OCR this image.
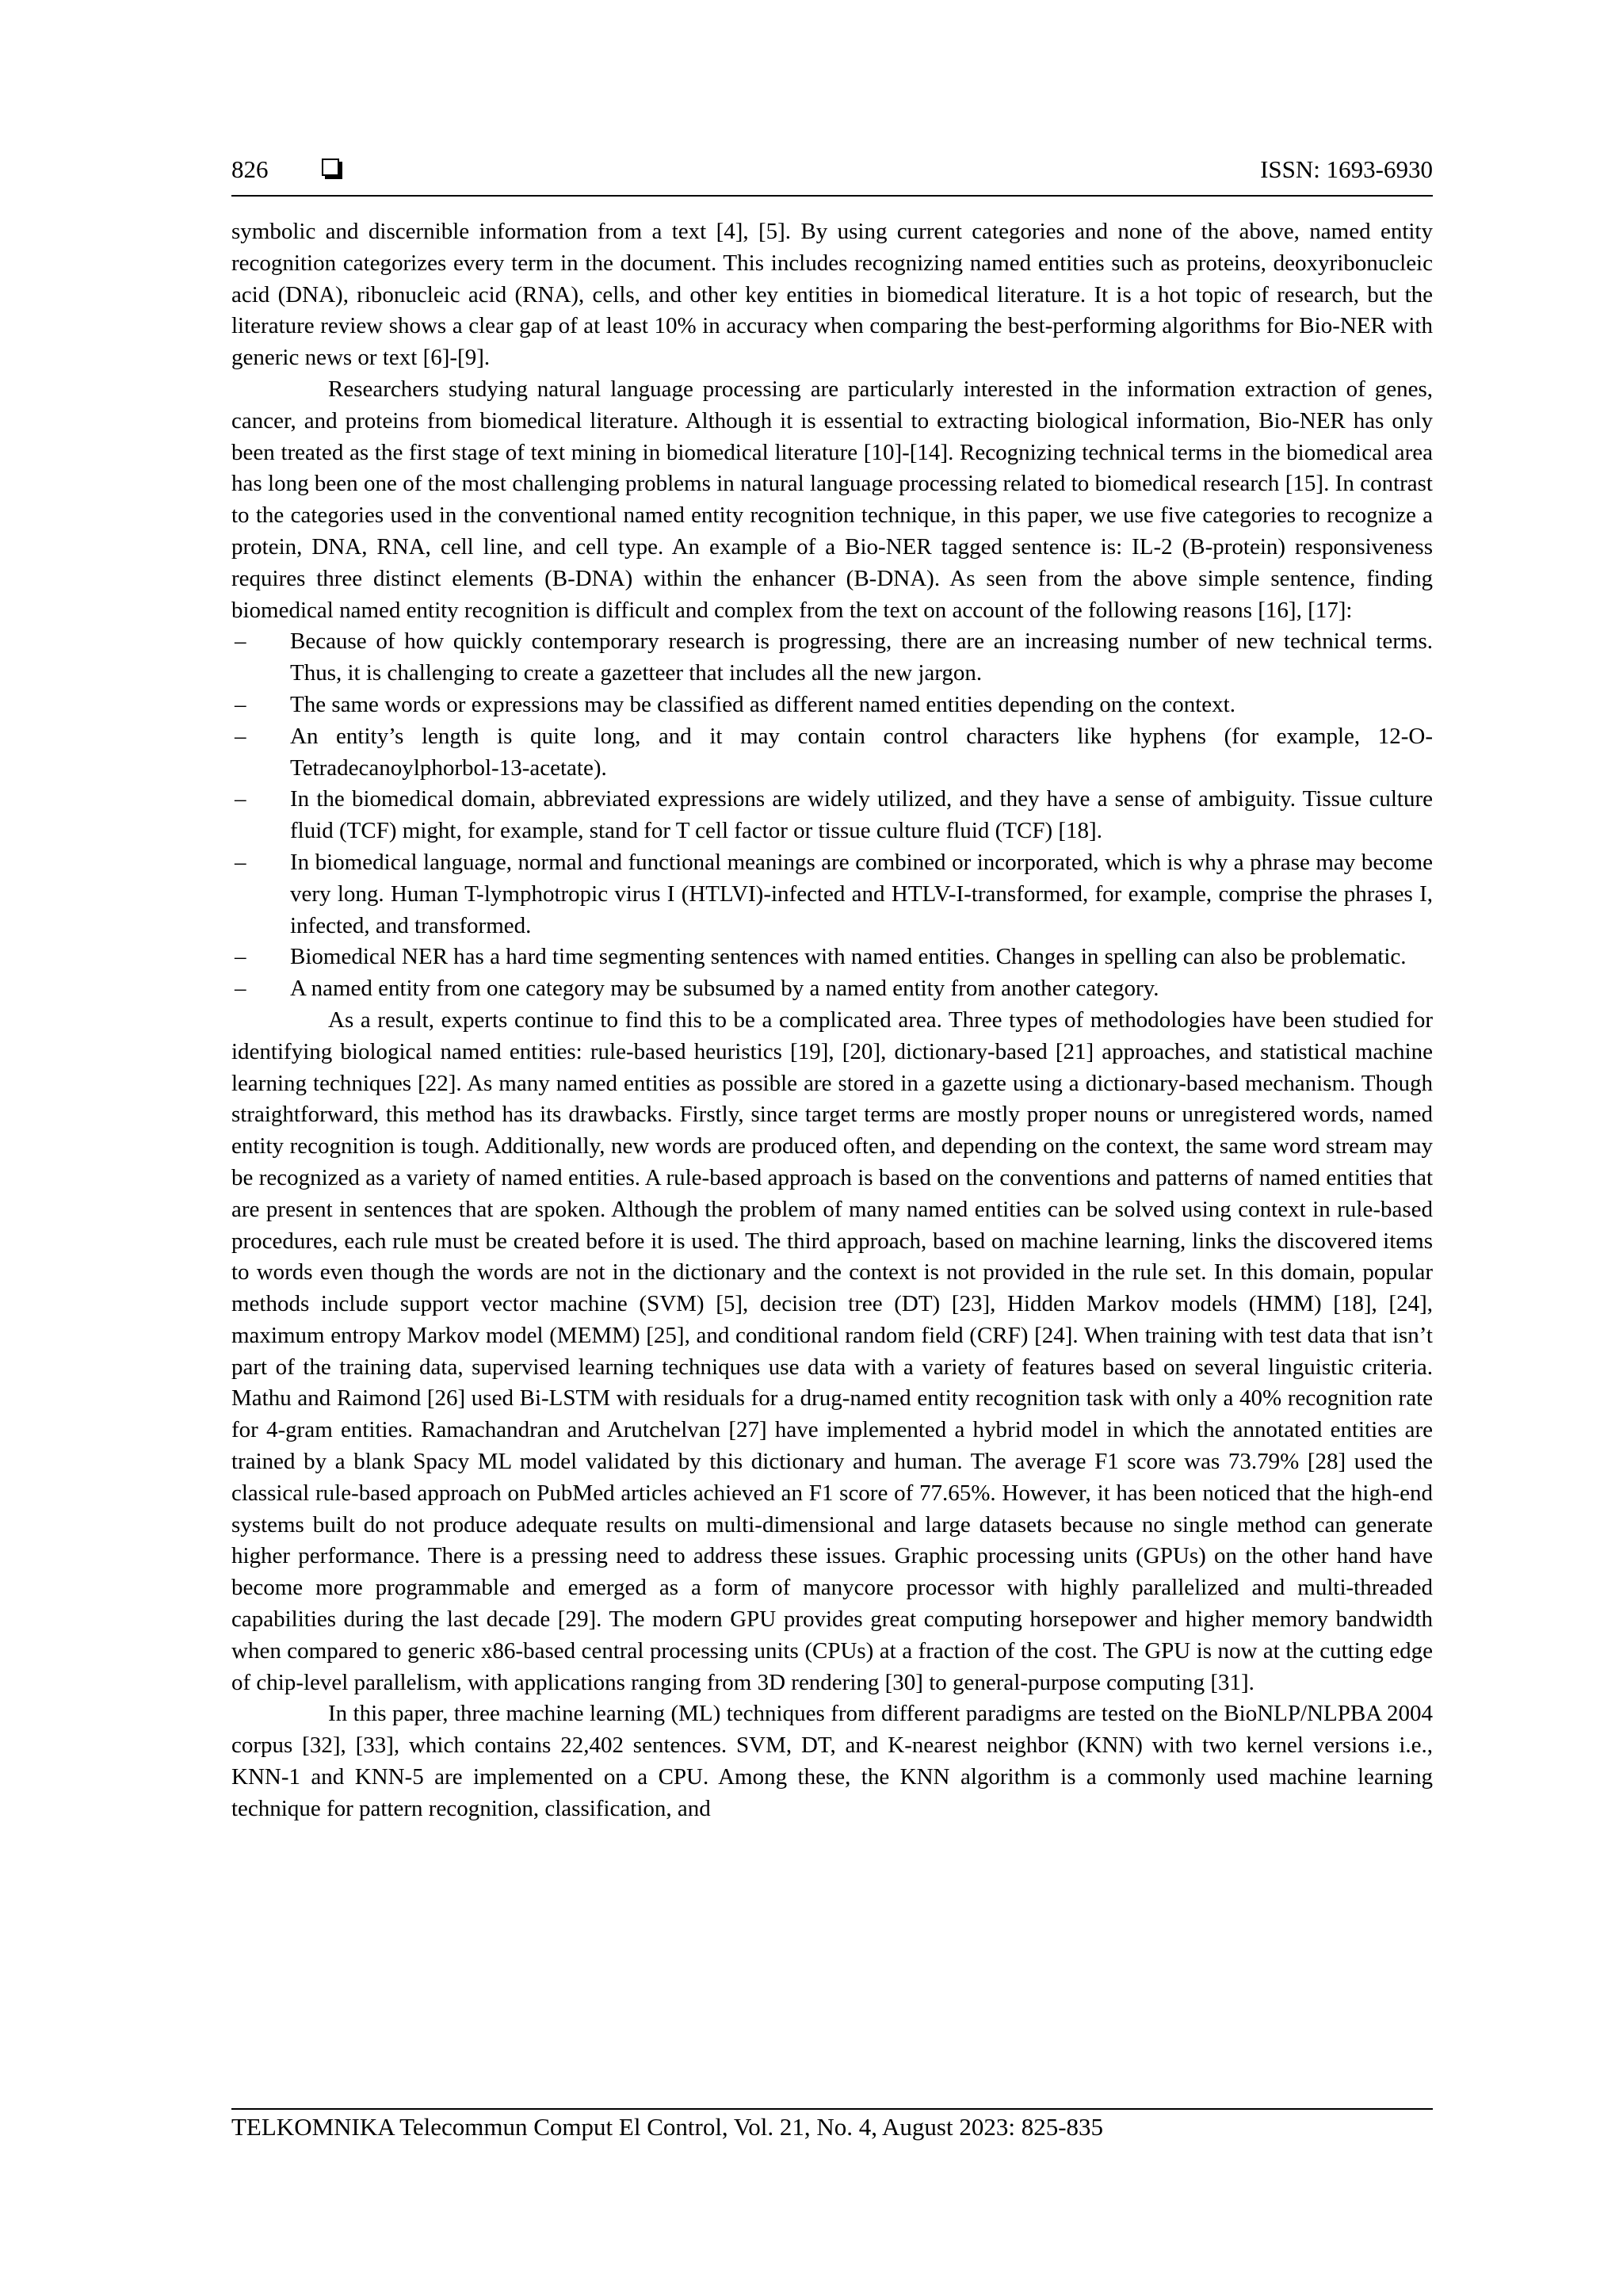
826	ISSN: 1693-6930

symbolic and discernible information from a text [4], [5]. By using current categories and none of the above, named entity recognition categorizes every term in the document. This includes recognizing named entities such as proteins, deoxyribonucleic acid (DNA), ribonucleic acid (RNA), cells, and other key entities in biomedical literature. It is a hot topic of research, but the literature review shows a clear gap of at least 10% in accuracy when comparing the best-performing algorithms for Bio-NER with generic news or text [6]-[9].

Researchers studying natural language processing are particularly interested in the information extraction of genes, cancer, and proteins from biomedical literature. Although it is essential to extracting biological information, Bio-NER has only been treated as the first stage of text mining in biomedical literature [10]-[14]. Recognizing technical terms in the biomedical area has long been one of the most challenging problems in natural language processing related to biomedical research [15]. In contrast to the categories used in the conventional named entity recognition technique, in this paper, we use five categories to recognize a protein, DNA, RNA, cell line, and cell type. An example of a Bio-NER tagged sentence is: IL-2 (B-protein) responsiveness requires three distinct elements (B-DNA) within the enhancer (B-DNA). As seen from the above simple sentence, finding biomedical named entity recognition is difficult and complex from the text on account of the following reasons [16], [17]:

– Because of how quickly contemporary research is progressing, there are an increasing number of new technical terms. Thus, it is challenging to create a gazetteer that includes all the new jargon.
– The same words or expressions may be classified as different named entities depending on the context.
– An entity’s length is quite long, and it may contain control characters like hyphens (for example, 12-O-Tetradecanoylphorbol-13-acetate).
– In the biomedical domain, abbreviated expressions are widely utilized, and they have a sense of ambiguity. Tissue culture fluid (TCF) might, for example, stand for T cell factor or tissue culture fluid (TCF) [18].
– In biomedical language, normal and functional meanings are combined or incorporated, which is why a phrase may become very long. Human T-lymphotropic virus I (HTLVI)-infected and HTLV-I-transformed, for example, comprise the phrases I, infected, and transformed.
– Biomedical NER has a hard time segmenting sentences with named entities. Changes in spelling can also be problematic.
– A named entity from one category may be subsumed by a named entity from another category.

As a result, experts continue to find this to be a complicated area. Three types of methodologies have been studied for identifying biological named entities: rule-based heuristics [19], [20], dictionary-based [21] approaches, and statistical machine learning techniques [22]. As many named entities as possible are stored in a gazette using a dictionary-based mechanism. Though straightforward, this method has its drawbacks. Firstly, since target terms are mostly proper nouns or unregistered words, named entity recognition is tough. Additionally, new words are produced often, and depending on the context, the same word stream may be recognized as a variety of named entities. A rule-based approach is based on the conventions and patterns of named entities that are present in sentences that are spoken. Although the problem of many named entities can be solved using context in rule-based procedures, each rule must be created before it is used. The third approach, based on machine learning, links the discovered items to words even though the words are not in the dictionary and the context is not provided in the rule set. In this domain, popular methods include support vector machine (SVM) [5], decision tree (DT) [23], Hidden Markov models (HMM) [18], [24], maximum entropy Markov model (MEMM) [25], and conditional random field (CRF) [24]. When training with test data that isn’t part of the training data, supervised learning techniques use data with a variety of features based on several linguistic criteria. Mathu and Raimond [26] used Bi-LSTM with residuals for a drug-named entity recognition task with only a 40% recognition rate for 4-gram entities. Ramachandran and Arutchelvan [27] have implemented a hybrid model in which the annotated entities are trained by a blank Spacy ML model validated by this dictionary and human. The average F1 score was 73.79% [28] used the classical rule-based approach on PubMed articles achieved an F1 score of 77.65%. However, it has been noticed that the high-end systems built do not produce adequate results on multi-dimensional and large datasets because no single method can generate higher performance. There is a pressing need to address these issues. Graphic processing units (GPUs) on the other hand have become more programmable and emerged as a form of manycore processor with highly parallelized and multi-threaded capabilities during the last decade [29]. The modern GPU provides great computing horsepower and higher memory bandwidth when compared to generic x86-based central processing units (CPUs) at a fraction of the cost. The GPU is now at the cutting edge of chip-level parallelism, with applications ranging from 3D rendering [30] to general-purpose computing [31].

In this paper, three machine learning (ML) techniques from different paradigms are tested on the BioNLP/NLPBA 2004 corpus [32], [33], which contains 22,402 sentences. SVM, DT, and K-nearest neighbor (KNN) with two kernel versions i.e., KNN-1 and KNN-5 are implemented on a CPU. Among these, the KNN algorithm is a commonly used machine learning technique for pattern recognition, classification, and

TELKOMNIKA Telecommun Comput El Control, Vol. 21, No. 4, August 2023: 825-835
